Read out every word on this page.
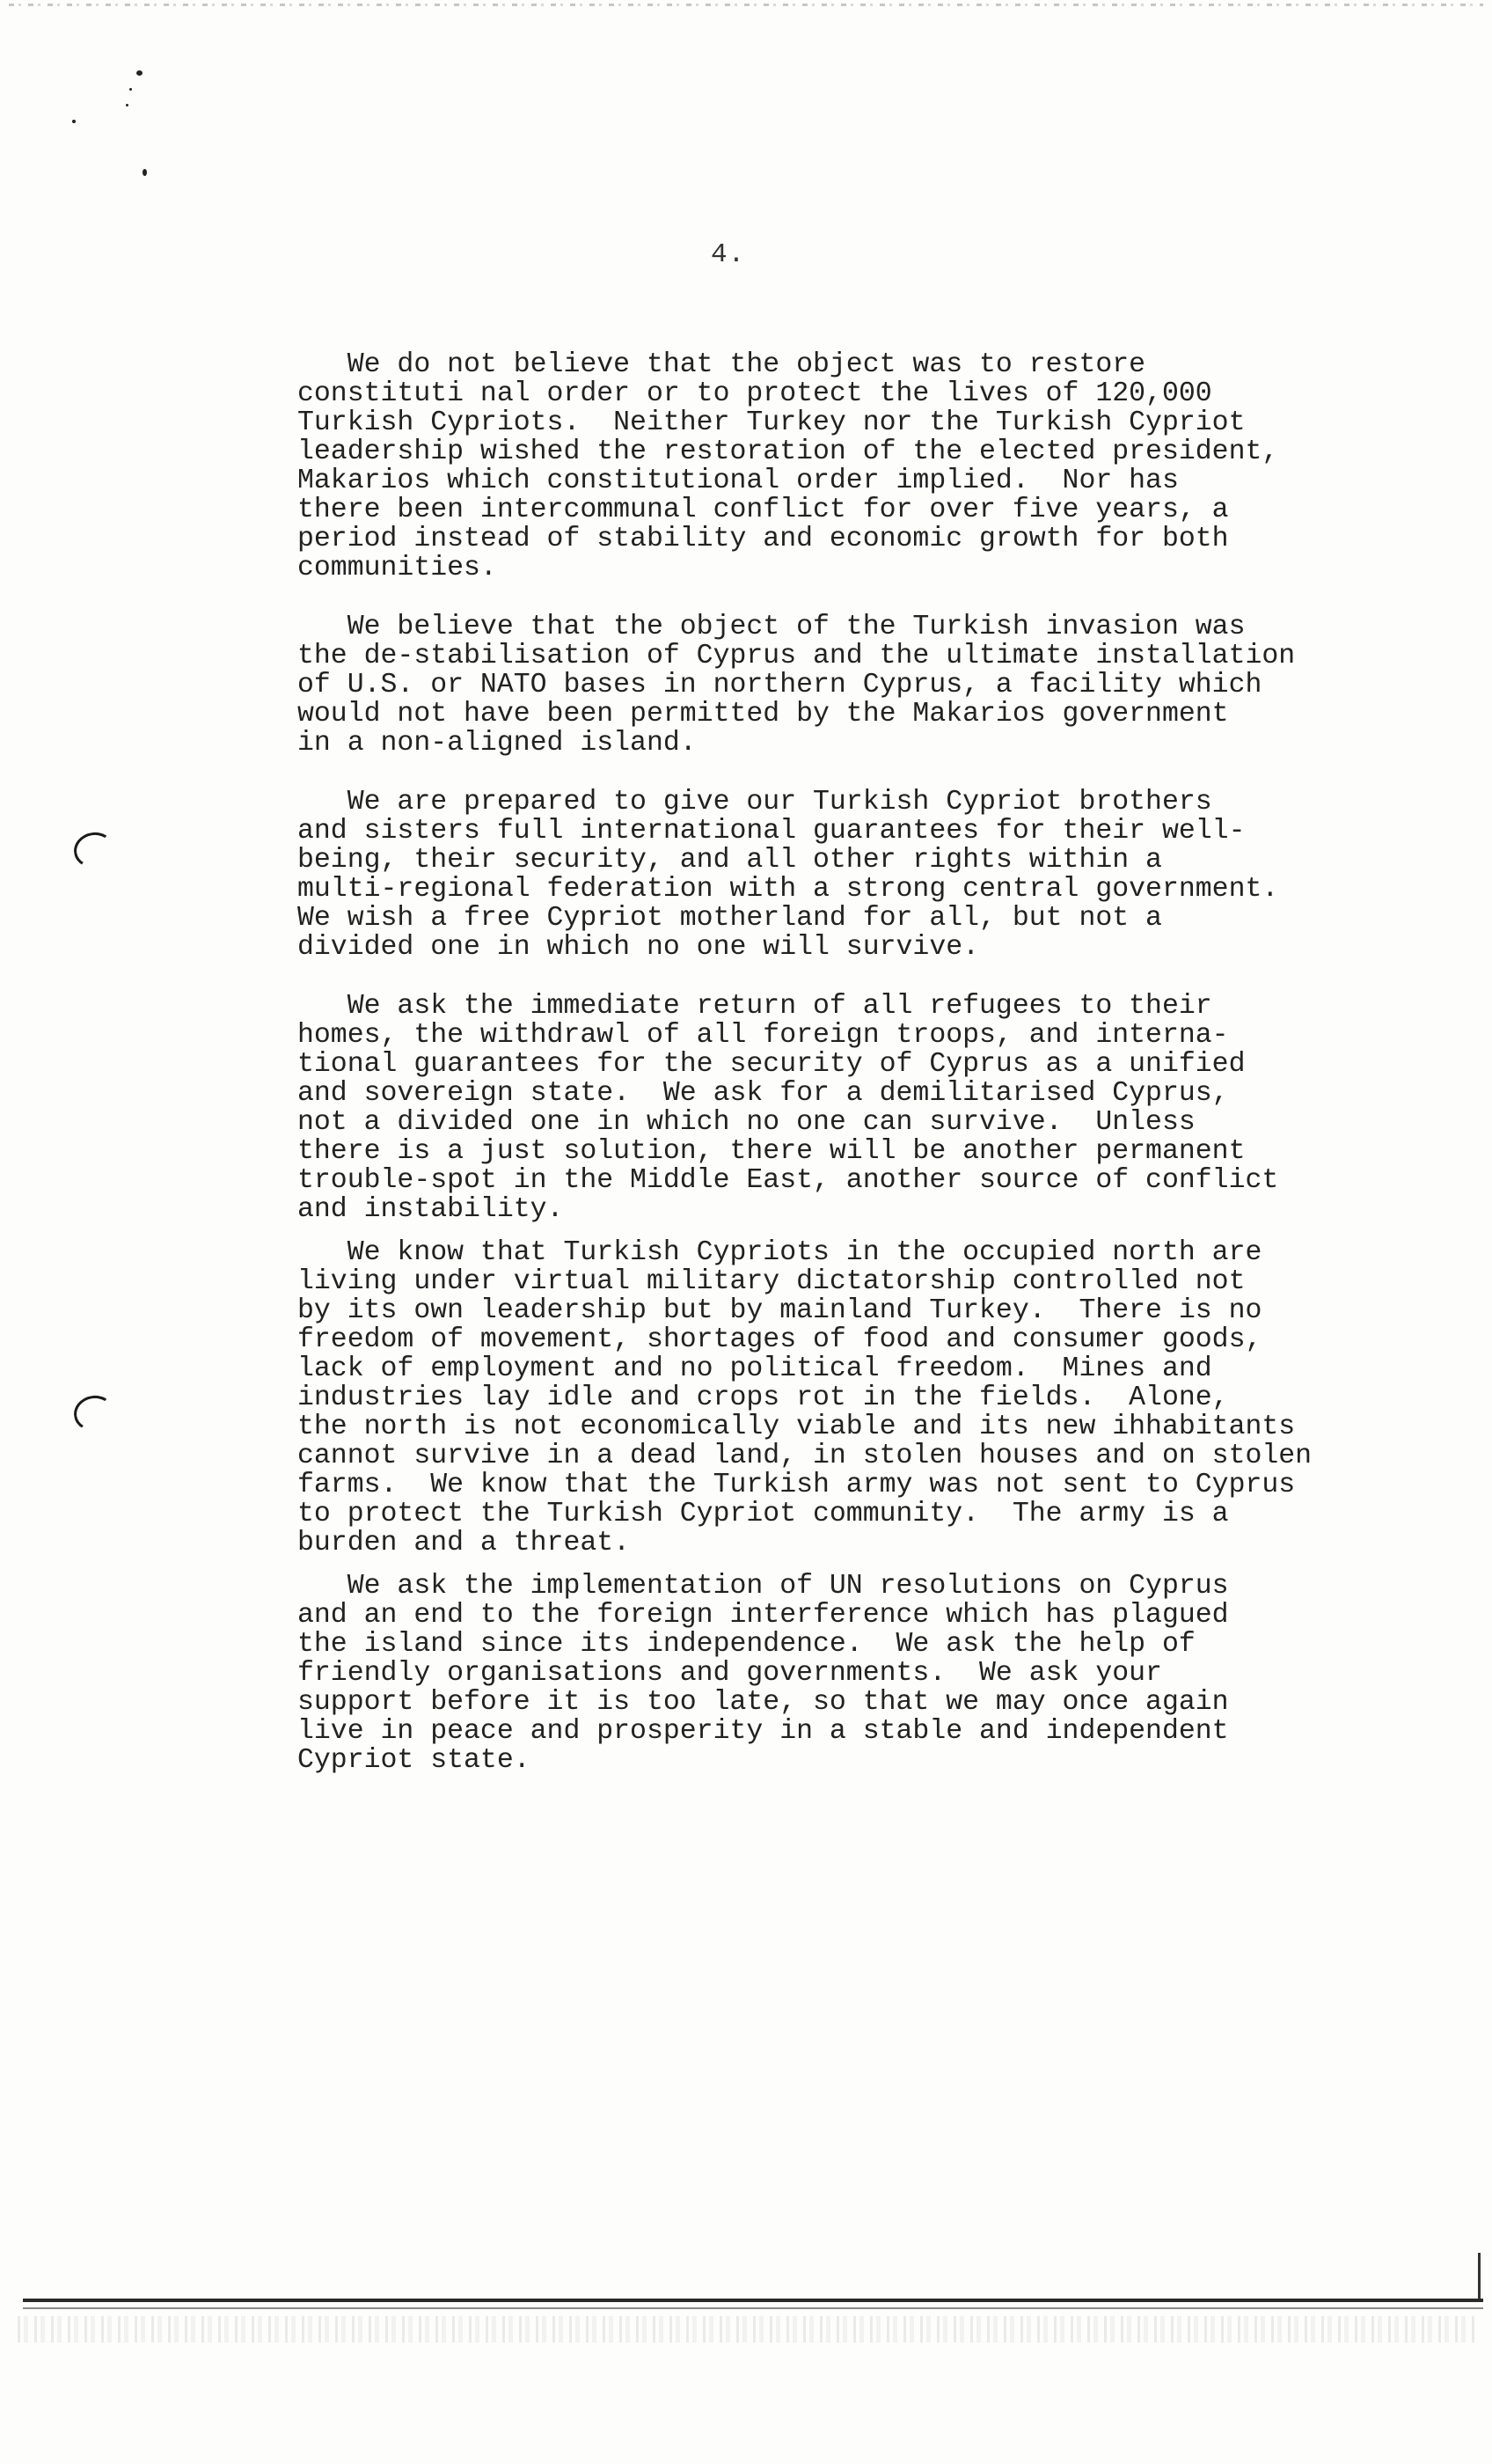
4.
We do not believe that the object was to restore
constituti nal order or to protect the lives of 120,000
Turkish Cypriots.  Neither Turkey nor the Turkish Cypriot
leadership wished the restoration of the elected president,
Makarios which constitutional order implied.  Nor has
there been intercommunal conflict for over five years, a
period instead of stability and economic growth for both
communities.
We believe that the object of the Turkish invasion was
the de-stabilisation of Cyprus and the ultimate installation
of U.S. or NATO bases in northern Cyprus, a facility which
would not have been permitted by the Makarios government
in a non-aligned island.
We are prepared to give our Turkish Cypriot brothers
and sisters full international guarantees for their well-
being, their security, and all other rights within a
multi-regional federation with a strong central government.
We wish a free Cypriot motherland for all, but not a
divided one in which no one will survive.
We ask the immediate return of all refugees to their
homes, the withdrawl of all foreign troops, and interna-
tional guarantees for the security of Cyprus as a unified
and sovereign state.  We ask for a demilitarised Cyprus,
not a divided one in which no one can survive.  Unless
there is a just solution, there will be another permanent
trouble-spot in the Middle East, another source of conflict
and instability.
We know that Turkish Cypriots in the occupied north are
living under virtual military dictatorship controlled not
by its own leadership but by mainland Turkey.  There is no
freedom of movement, shortages of food and consumer goods,
lack of employment and no political freedom.  Mines and
industries lay idle and crops rot in the fields.  Alone,
the north is not economically viable and its new ihhabitants
cannot survive in a dead land, in stolen houses and on stolen
farms.  We know that the Turkish army was not sent to Cyprus
to protect the Turkish Cypriot community.  The army is a
burden and a threat.
We ask the implementation of UN resolutions on Cyprus
and an end to the foreign interference which has plagued
the island since its independence.  We ask the help of
friendly organisations and governments.  We ask your
support before it is too late, so that we may once again
live in peace and prosperity in a stable and independent
Cypriot state.
